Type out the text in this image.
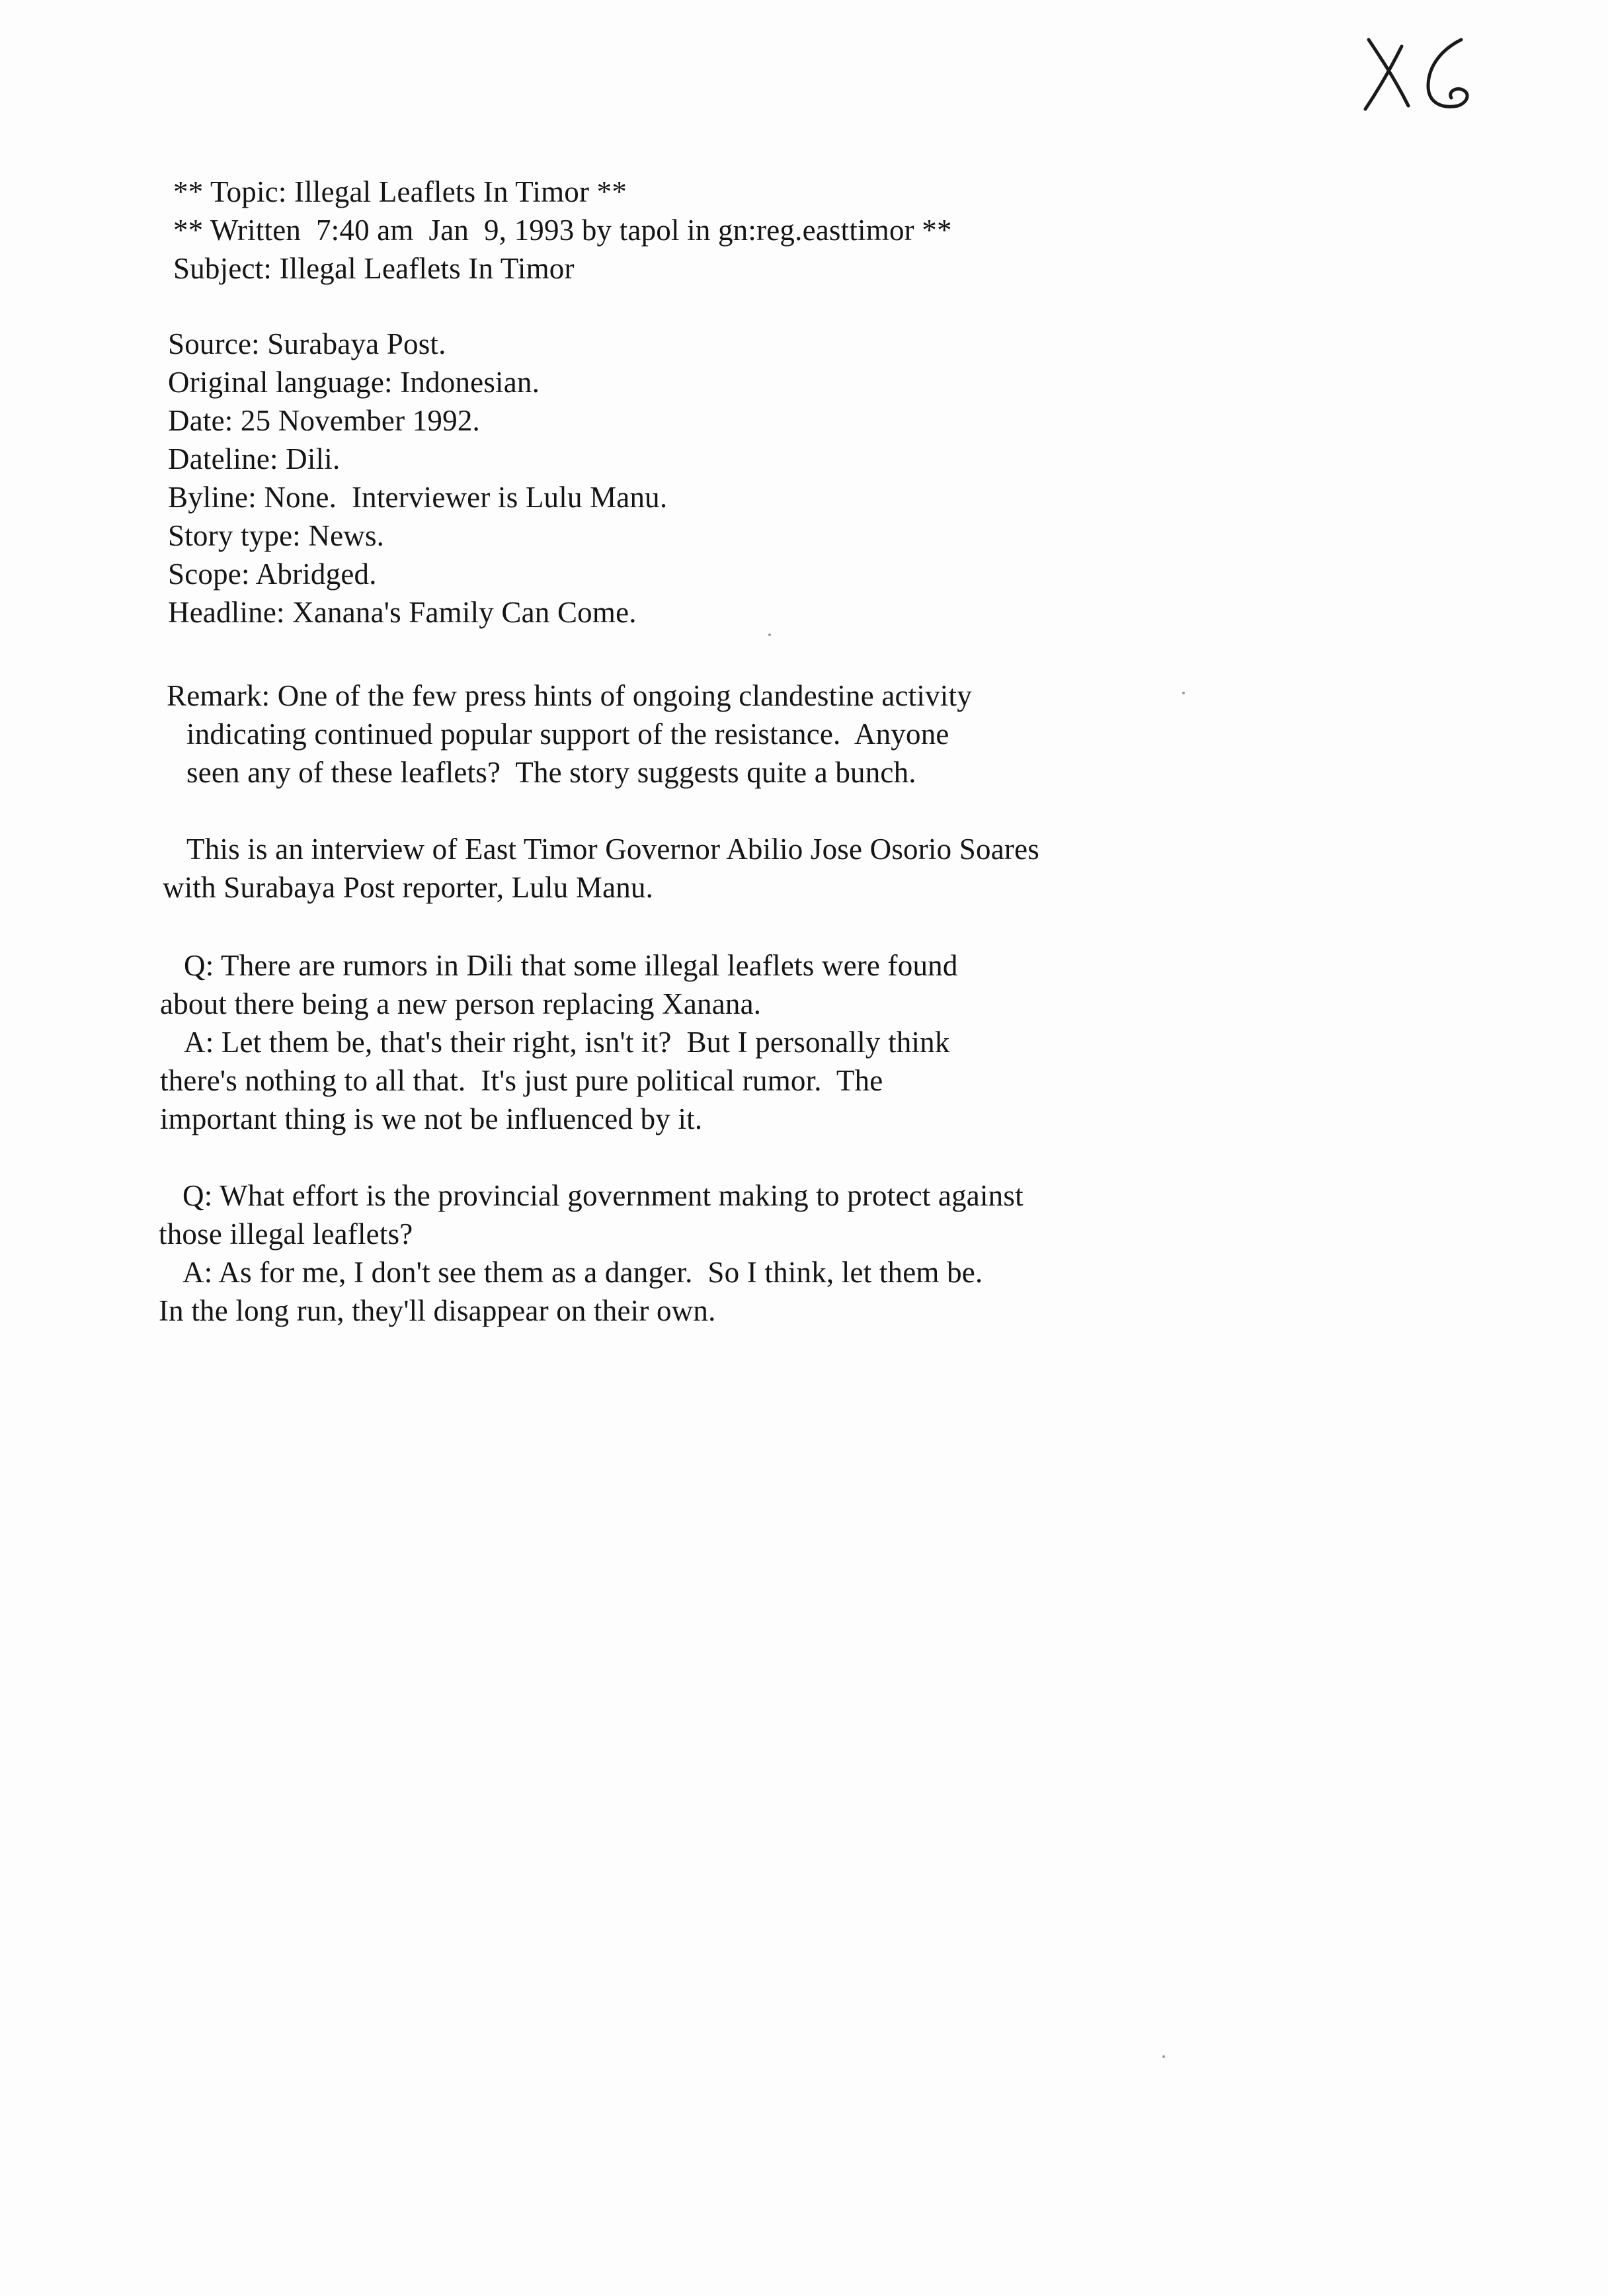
** Topic: Illegal Leaflets In Timor **
** Written  7:40 am  Jan  9, 1993 by tapol in gn:reg.easttimor **
Subject: Illegal Leaflets In Timor
Source: Surabaya Post.
Original language: Indonesian.
Date: 25 November 1992.
Dateline: Dili.
Byline: None.  Interviewer is Lulu Manu.
Story type: News.
Scope: Abridged.
Headline: Xanana's Family Can Come.
Remark: One of the few press hints of ongoing clandestine activity
indicating continued popular support of the resistance.  Anyone
seen any of these leaflets?  The story suggests quite a bunch.
This is an interview of East Timor Governor Abilio Jose Osorio Soares
with Surabaya Post reporter, Lulu Manu.
Q: There are rumors in Dili that some illegal leaflets were found
about there being a new person replacing Xanana.
A: Let them be, that's their right, isn't it?  But I personally think
there's nothing to all that.  It's just pure political rumor.  The
important thing is we not be influenced by it.
Q: What effort is the provincial government making to protect against
those illegal leaflets?
A: As for me, I don't see them as a danger.  So I think, let them be.
In the long run, they'll disappear on their own.
